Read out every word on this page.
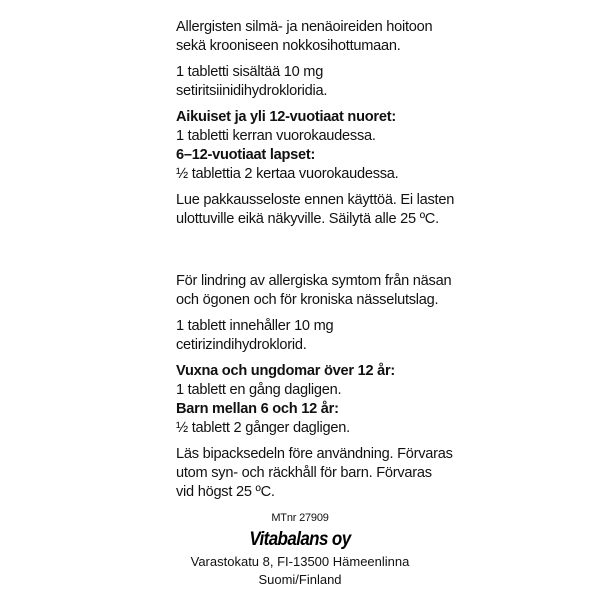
Allergisten silmä- ja nenäoireiden hoitoon
sekä krooniseen nokkosihottumaan.
1 tabletti sisältää 10 mg
setiritsiinidihydrokloridia.
Aikuiset ja yli 12-vuotiaat nuoret:
1 tabletti kerran vuorokaudessa.
6–12-vuotiaat lapset:
½ tablettia 2 kertaa vuorokaudessa.
Lue pakkausseloste ennen käyttöä. Ei lasten
ulottuville eikä näkyville. Säilytä alle 25 ºC.
För lindring av allergiska symtom från näsan
och ögonen och för kroniska nässelutslag.
1 tablett innehåller 10 mg
cetirizindihydroklorid.
Vuxna och ungdomar över 12 år:
1 tablett en gång dagligen.
Barn mellan 6 och 12 år:
½ tablett 2 gånger dagligen.
Läs bipacksedeln före användning. Förvaras
utom syn- och räckhåll för barn. Förvaras
vid högst 25 ºC.
MTnr 27909
Vitabalans oy
Varastokatu 8, FI-13500 Hämeenlinna
Suomi/Finland
